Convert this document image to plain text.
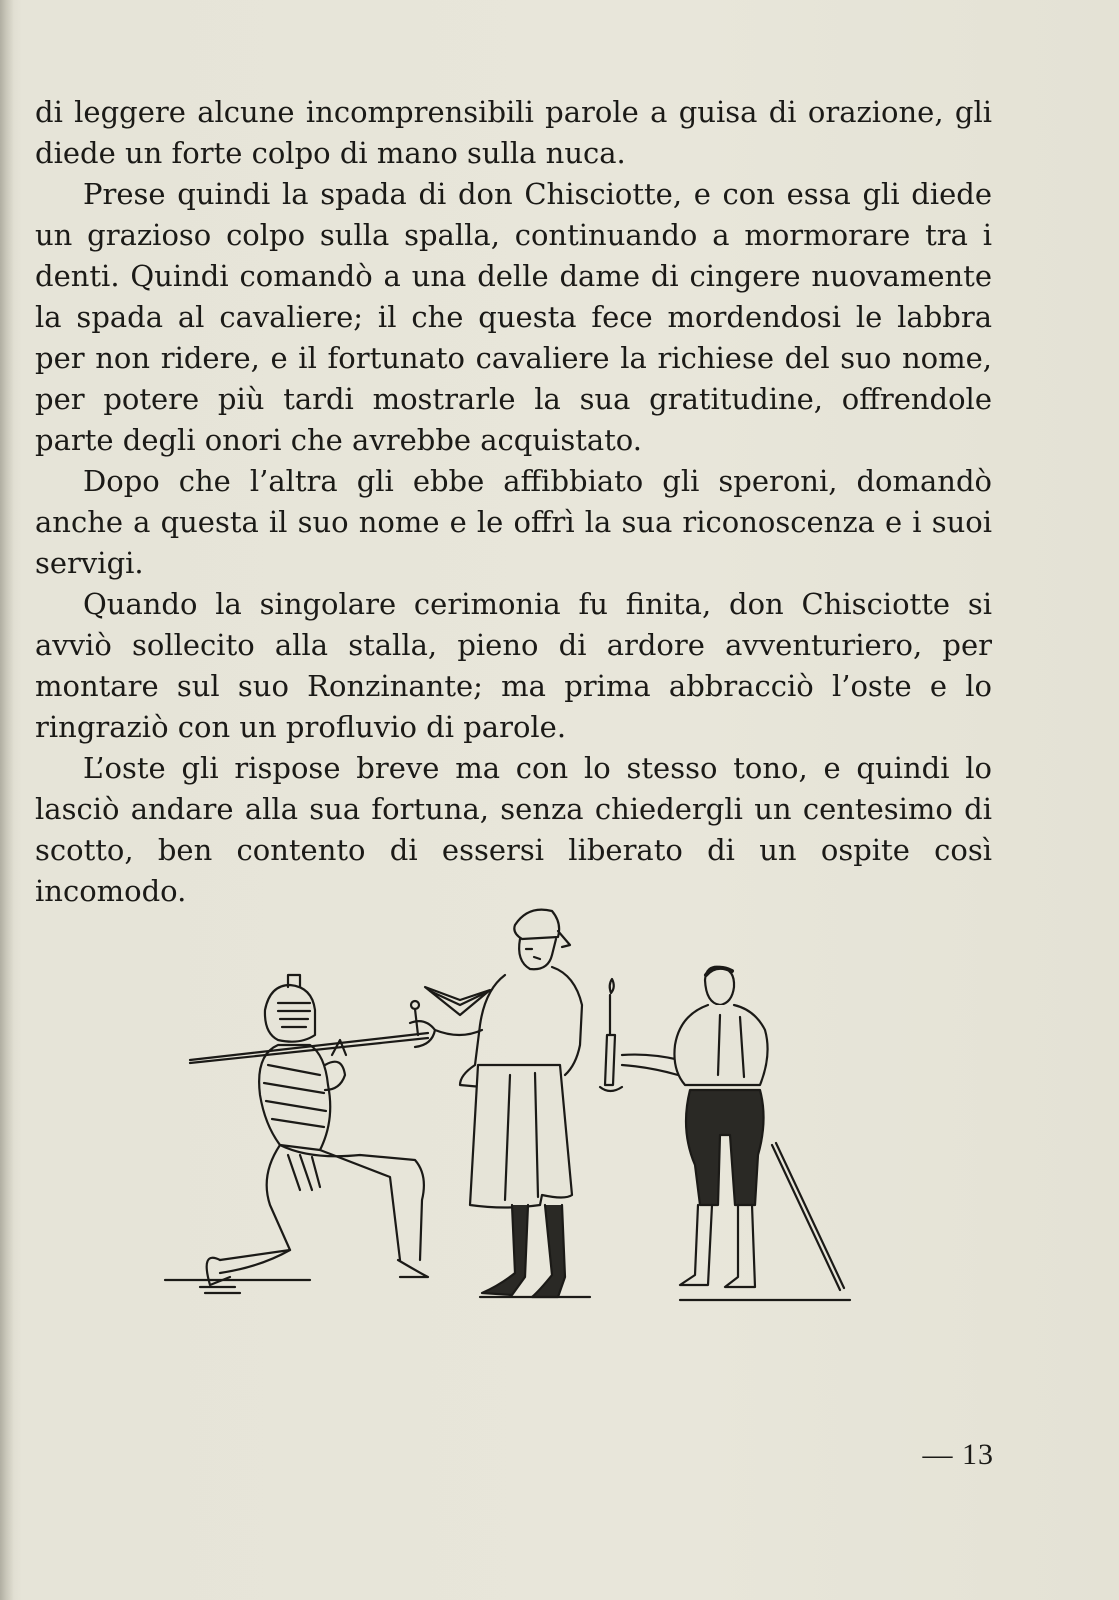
di leggere alcune incomprensibili parole a guisa di orazione, gli diede un forte colpo di mano sulla nuca.

Prese quindi la spada di don Chisciotte, e con essa gli diede un grazioso colpo sulla spalla, continuando a mormorare tra i denti. Quindi comandò a una delle dame di cingere nuovamente la spada al cavaliere; il che questa fece mordendosi le labbra per non ridere, e il fortunato cavaliere la richiese del suo nome, per potere più tardi mostrarle la sua gratitudine, offrendole parte degli onori che avrebbe acquistato.

Dopo che l’altra gli ebbe affibbiato gli speroni, domandò anche a questa il suo nome e le offrì la sua riconoscenza e i suoi servigi.

Quando la singolare cerimonia fu finita, don Chisciotte si avviò sollecito alla stalla, pieno di ardore avventuriero, per montare sul suo Ronzinante; ma prima abbracciò l’oste e lo ringraziò con un profluvio di parole.

L’oste gli rispose breve ma con lo stesso tono, e quindi lo lasciò andare alla sua fortuna, senza chiedergli un centesimo di scotto, ben contento di essersi liberato di un ospite così incomodo.

— 13
